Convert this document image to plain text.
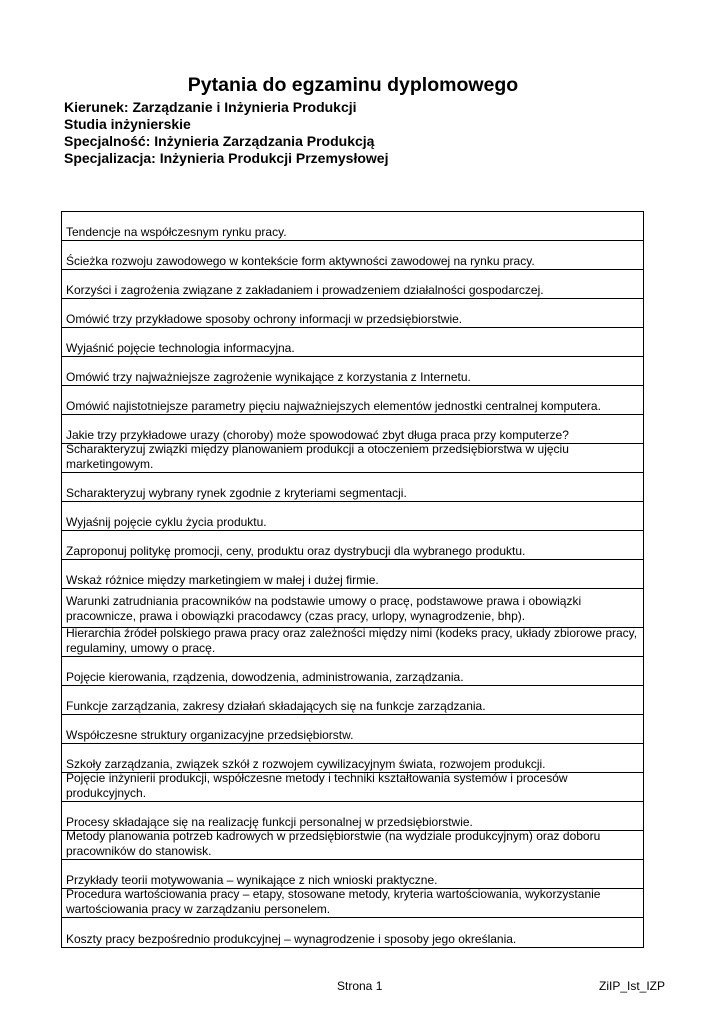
Pytania do egzaminu dyplomowego
Kierunek: Zarządzanie i Inżynieria Produkcji
Studia inżynierskie
Specjalność: Inżynieria Zarządzania Produkcją
Specjalizacja: Inżynieria Produkcji Przemysłowej
Tendencje na współczesnym rynku pracy.
Ścieżka rozwoju zawodowego w kontekście form aktywności zawodowej na rynku pracy.
Korzyści i zagrożenia związane z zakładaniem i prowadzeniem działalności gospodarczej.
Omówić trzy przykładowe sposoby ochrony informacji w przedsiębiorstwie.
Wyjaśnić pojęcie technologia informacyjna.
Omówić trzy najważniejsze zagrożenie wynikające z korzystania z Internetu.
Omówić najistotniejsze parametry pięciu najważniejszych elementów jednostki centralnej komputera.
Jakie trzy przykładowe urazy (choroby) może spowodować zbyt długa praca przy komputerze?
Scharakteryzuj związki między planowaniem produkcji a otoczeniem przedsiębiorstwa w ujęciu marketingowym.
Scharakteryzuj wybrany rynek zgodnie z kryteriami segmentacji.
Wyjaśnij pojęcie cyklu życia produktu.
Zaproponuj politykę promocji, ceny, produktu oraz dystrybucji dla wybranego produktu.
Wskaż różnice między marketingiem w małej i dużej firmie.
Warunki zatrudniania pracowników na podstawie umowy o pracę, podstawowe prawa i obowiązki pracownicze, prawa i obowiązki pracodawcy (czas pracy, urlopy, wynagrodzenie, bhp).
Hierarchia źródeł polskiego prawa pracy oraz zależności między nimi (kodeks pracy, układy zbiorowe pracy, regulaminy, umowy o pracę.
Pojęcie kierowania, rządzenia, dowodzenia, administrowania, zarządzania.
Funkcje zarządzania, zakresy działań składających się na funkcje zarządzania.
Współczesne struktury organizacyjne przedsiębiorstw.
Szkoły zarządzania, związek szkół z rozwojem cywilizacyjnym świata, rozwojem produkcji.
Pojęcie inżynierii produkcji, współczesne metody i techniki kształtowania systemów i procesów produkcyjnych.
Procesy składające się na realizację funkcji personalnej w przedsiębiorstwie.
Metody planowania potrzeb kadrowych w przedsiębiorstwie (na wydziale produkcyjnym) oraz doboru pracowników do stanowisk.
Przykłady teorii motywowania – wynikające z nich wnioski praktyczne.
Procedura wartościowania pracy – etapy, stosowane metody, kryteria wartościowania, wykorzystanie wartościowania pracy w zarządzaniu personelem.
Koszty pracy bezpośrednio produkcyjnej – wynagrodzenie i sposoby jego określania.
Strona 1	ZiIP_Ist_IZP
